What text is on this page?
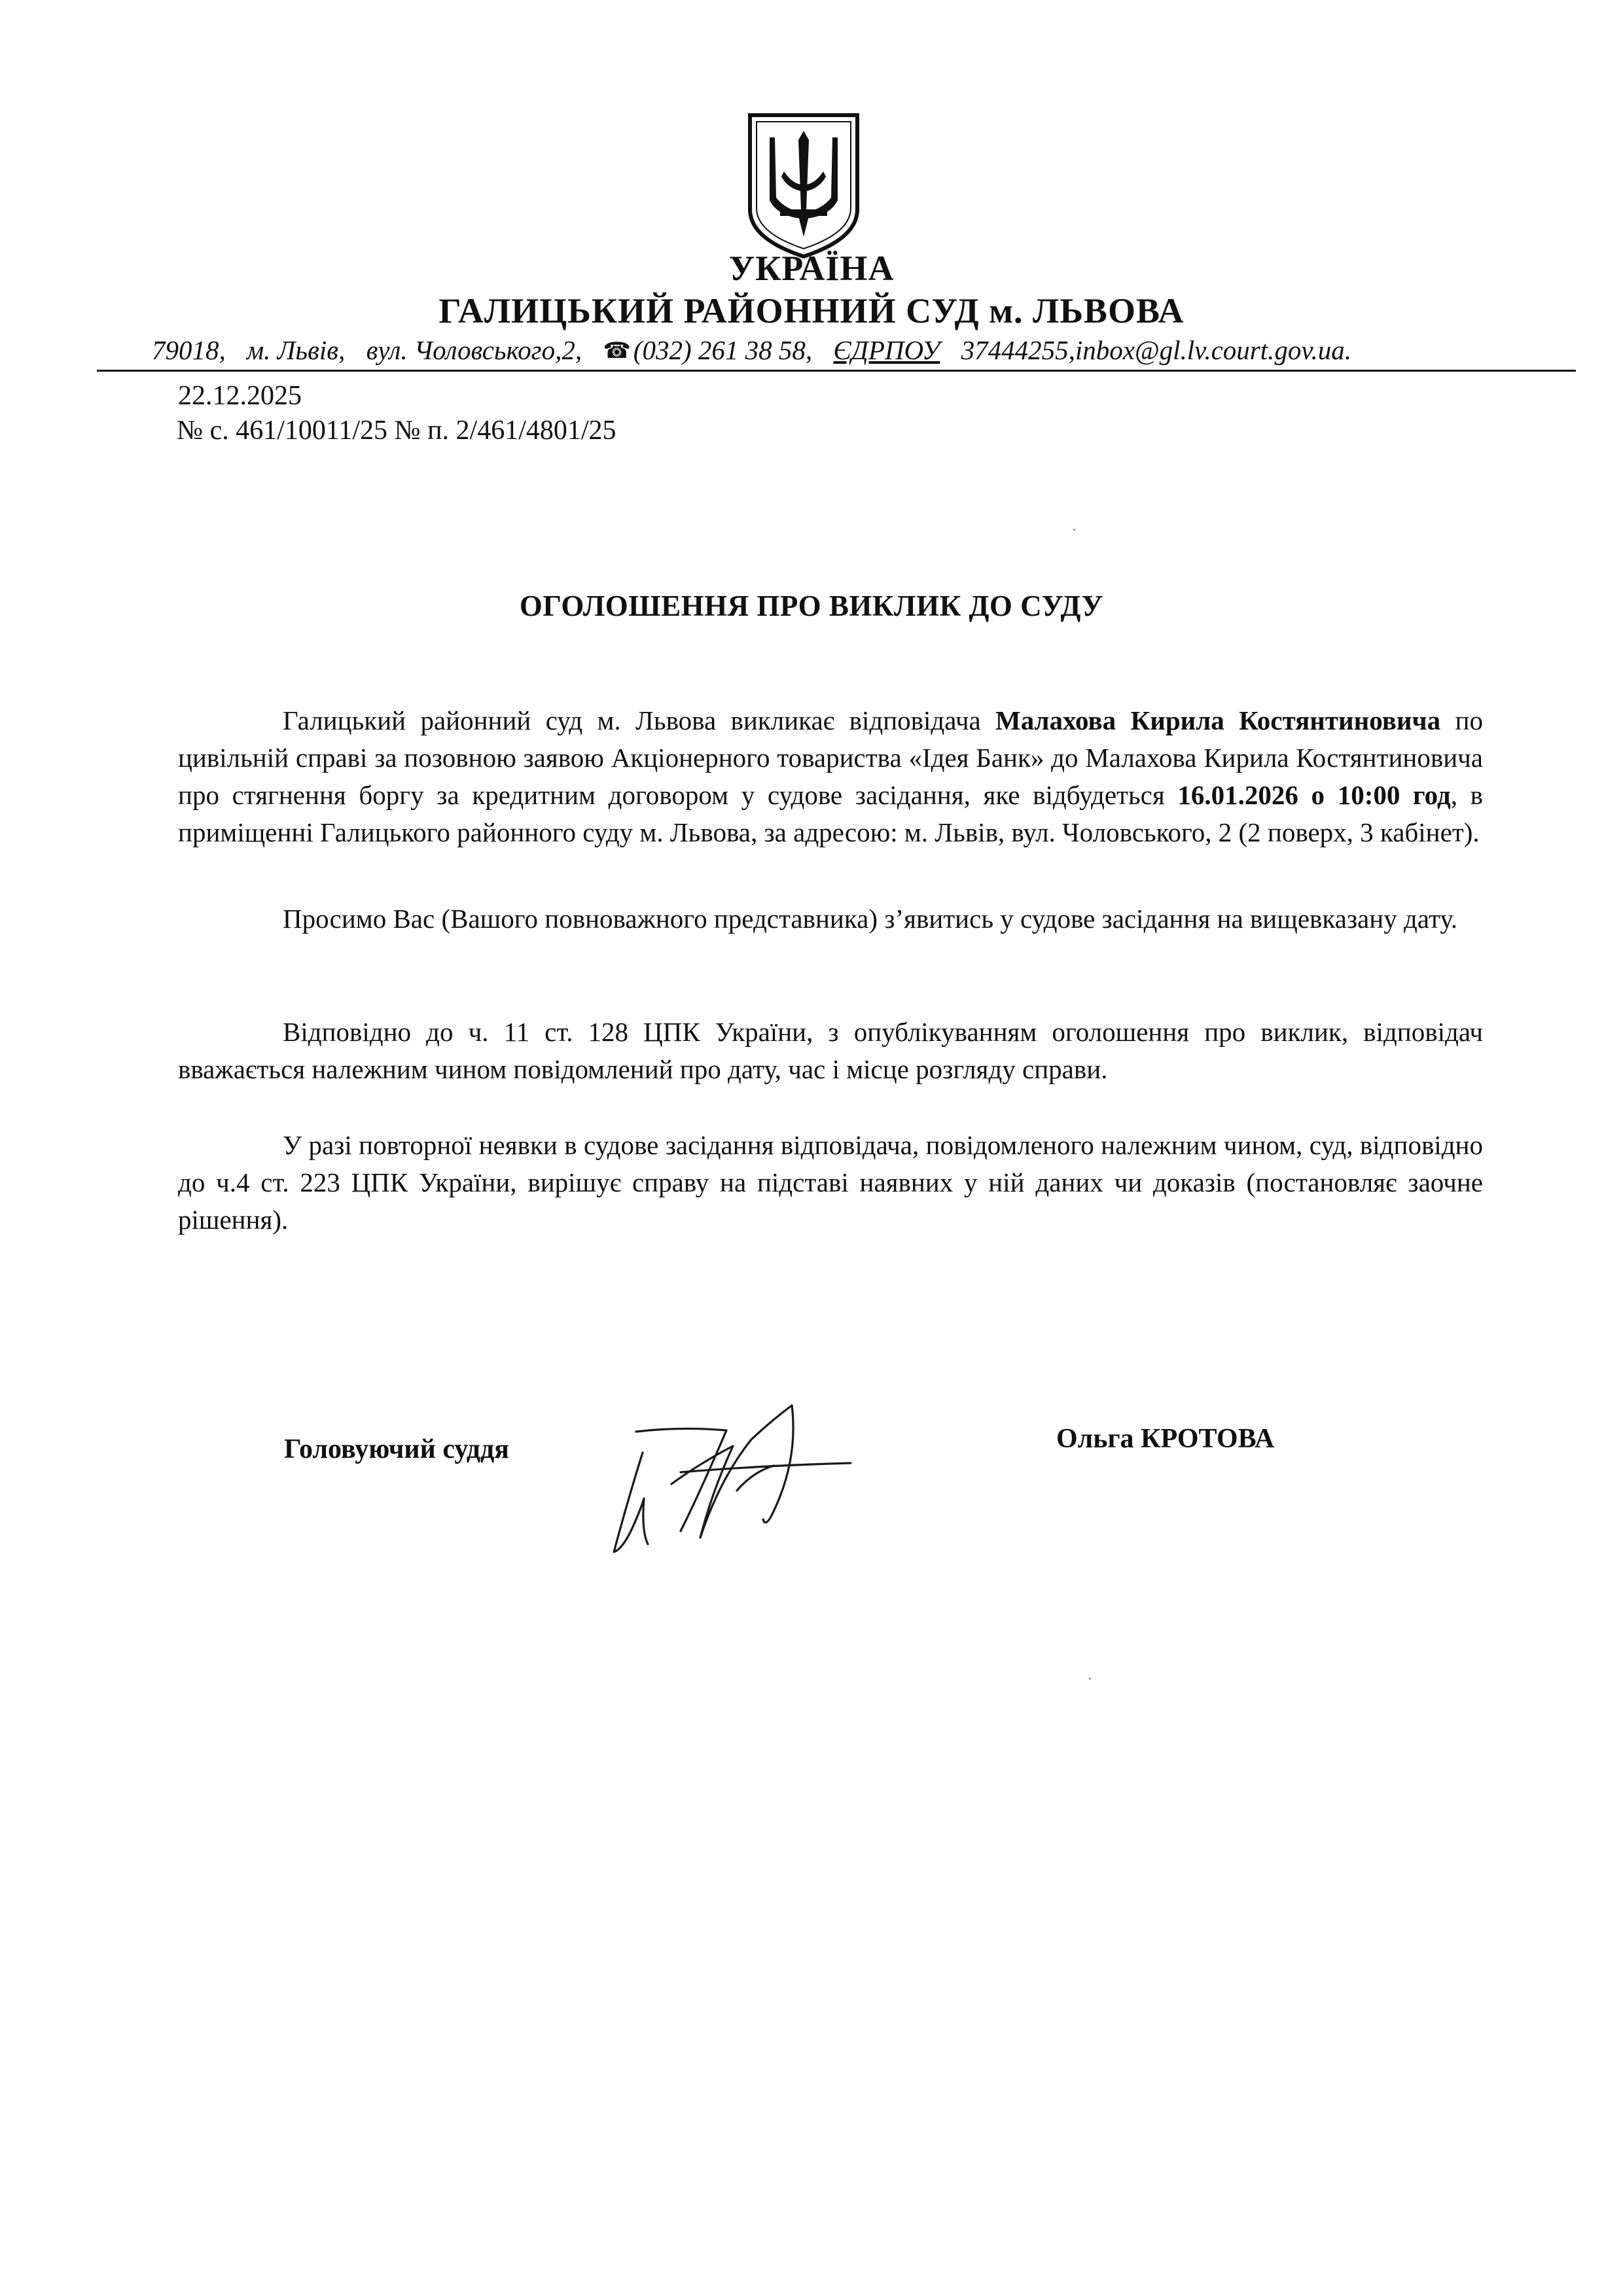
УКРАЇНА
ГАЛИЦЬКИЙ РАЙОННИЙ СУД м. ЛЬВОВА
79018, м. Львів, вул. Чоловського,2, ☎(032) 261 38 58, ЄДРПОУ 37444255,inbox@gl.lv.court.gov.ua.
22.12.2025
№ с. 461/10011/25 № п. 2/461/4801/25
ОГОЛОШЕННЯ ПРО ВИКЛИК ДО СУДУ
Галицький районний суд м. Львова викликає відповідача Малахова Кирила Костянтиновича по цивільній справі за позовною заявою Акціонерного товариства «Ідея Банк» до Малахова Кирила Костянтиновича про стягнення боргу за кредитним договором у судове засідання, яке відбудеться 16.01.2026 о 10:00 год, в приміщенні Галицького районного суду м. Львова, за адресою: м. Львів, вул. Чоловського, 2 (2 поверх, 3 кабінет).
Просимо Вас (Вашого повноважного представника) з’явитись у судове засідання на вищевказану дату.
Відповідно до ч. 11 ст. 128 ЦПК України, з опублікуванням оголошення про виклик, відповідач вважається належним чином повідомлений про дату, час і місце розгляду справи.
У разі повторної неявки в судове засідання відповідача, повідомленого належним чином, суд, відповідно до ч.4 ст. 223 ЦПК України, вирішує справу на підставі наявних у ній даних чи доказів (постановляє заочне рішення).
Головуючий суддя	Ольга КРОТОВА
